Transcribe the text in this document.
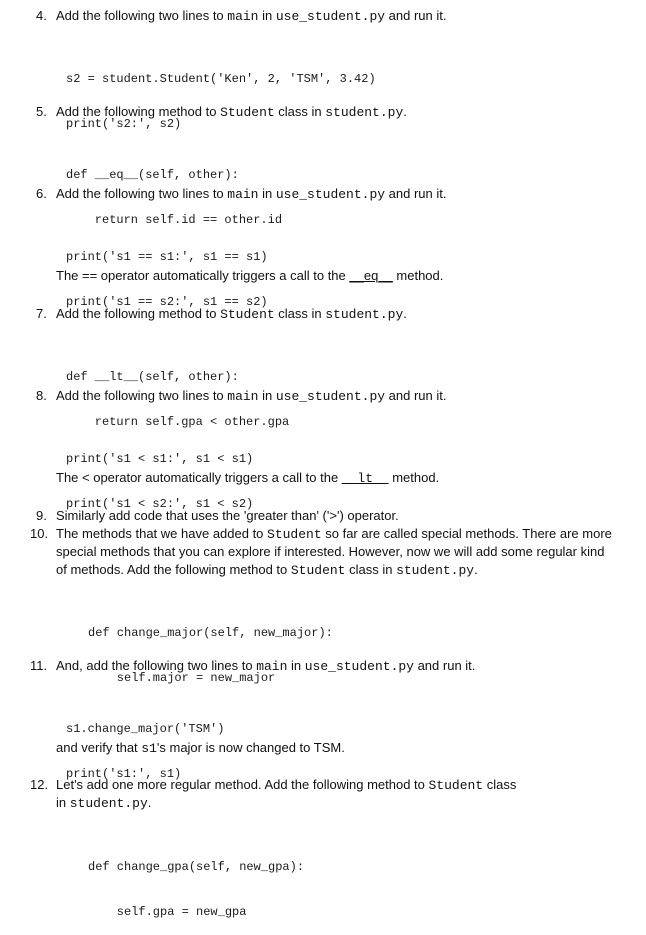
4. Add the following two lines to main in use_student.py and run it.

s2 = student.Student('Ken', 2, 'TSM', 3.42)

print('s2:', s2)

5. Add the following method to Student class in student.py.

def __eq__(self, other):

return self.id == other.id

6. Add the following two lines to main in use_student.py and run it.

print('s1 == s1:', s1 == s1)

print('s1 == s2:', s1 == s2)

The == operator automatically triggers a call to the __eq__ method.
7. Add the following method to Student class in student.py.

def __lt__(self, other):

return self.gpa < other.gpa

8. Add the following two lines to main in use_student.py and run it.

print('s1 < s1:', s1 < s1)

print('s1 < s2:', s1 < s2)

The < operator automatically triggers a call to the __lt__ method.
9. Similarly add code that uses the 'greater than' ('>') operator.
10. The methods that we have added to Student so far are called special methods. There are more
special methods that you can explore if interested. However, now we will add some regular kind
of methods. Add the following method to Student class in student.py.

def change_major(self, new_major):

self.major = new_major

11. And, add the following two lines to main in use_student.py and run it.

s1.change_major('TSM')

print('s1:', s1)

and verify that s1's major is now changed to TSM.
12. Let's add one more regular method. Add the following method to Student class
in student.py.

def change_gpa(self, new_gpa):

self.gpa = new_gpa
